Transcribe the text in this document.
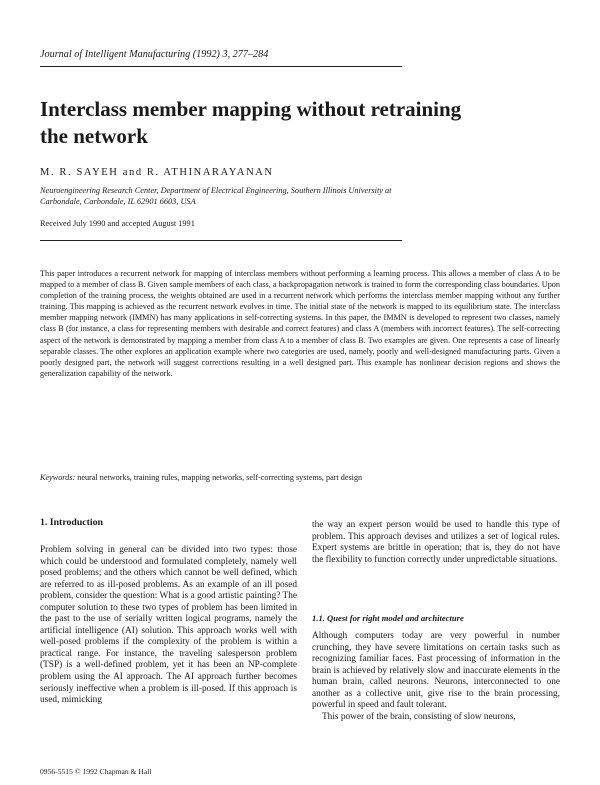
Journal of Intelligent Manufacturing (1992) 3, 277–284
Interclass member mapping without retraining the network
M. R. SAYEH and R. ATHINARAYANAN
Neuroengineering Research Center, Department of Electrical Engineering, Southern Illinois University at Carbondale, Carbondale, IL 62901 6603, USA
Received July 1990 and accepted August 1991
This paper introduces a recurrent network for mapping of interclass members without performing a learning process. This allows a member of class A to be mapped to a member of class B. Given sample members of each class, a backpropagation network is trained to form the corresponding class boundaries. Upon completion of the training process, the weights obtained are used in a recurrent network which performs the interclass member mapping without any further training. This mapping is achieved as the recurrent network evolves in time. The initial state of the network is mapped to its equilibrium state. The interclass member mapping network (IMMN) has many applications in self-correcting systems. In this paper, the IMMN is developed to represent two classes, namely class B (for instance, a class for representing members with desirable and correct features) and class A (members with incorrect features). The self-correcting aspect of the network is demonstrated by mapping a member from class A to a member of class B. Two examples are given. One represents a case of linearly separable classes. The other explores an application example where two categories are used, namely, poorly and well-designed manufacturing parts. Given a poorly designed part, the network will suggest corrections resulting in a well designed part. This example has nonlinear decision regions and shows the generalization capability of the network.
Keywords: neural networks, training rules, mapping networks, self-correcting systems, part design
1. Introduction

Problem solving in general can be divided into two types: those which could be understood and formulated completely, namely well posed problems; and the others which cannot be well defined, which are referred to as ill-posed problems. As an example of an ill posed problem, consider the question: What is a good artistic painting? The computer solution to these two types of problem has been limited in the past to the use of serially written logical programs, namely the artificial intelligence (AI) solution. This approach works well with well-posed problems if the complexity of the problem is within a practical range. For instance, the traveling salesperson problem (TSP) is a well-defined problem, yet it has been an NP-complete problem using the AI approach. The AI approach further becomes seriously ineffective when a problem is ill-posed. If this approach is used, mimicking

the way an expert person would be used to handle this type of problem. This approach devises and utilizes a set of logical rules. Expert systems are brittle in operation; that is, they do not have the flexibility to function correctly under unpredictable situations.

1.1. Quest for right model and architecture

Although computers today are very powerful in number crunching, they have severe limitations on certain tasks such as recognizing familiar faces. Fast processing of information in the brain is achieved by relatively slow and inaccurate elements in the human brain, called neurons. Neurons, interconnected to one another as a collective unit, give rise to the brain processing, powerful in speed and fault tolerant.

This power of the brain, consisting of slow neurons,

0956-5515 © 1992 Chapman & Hall
